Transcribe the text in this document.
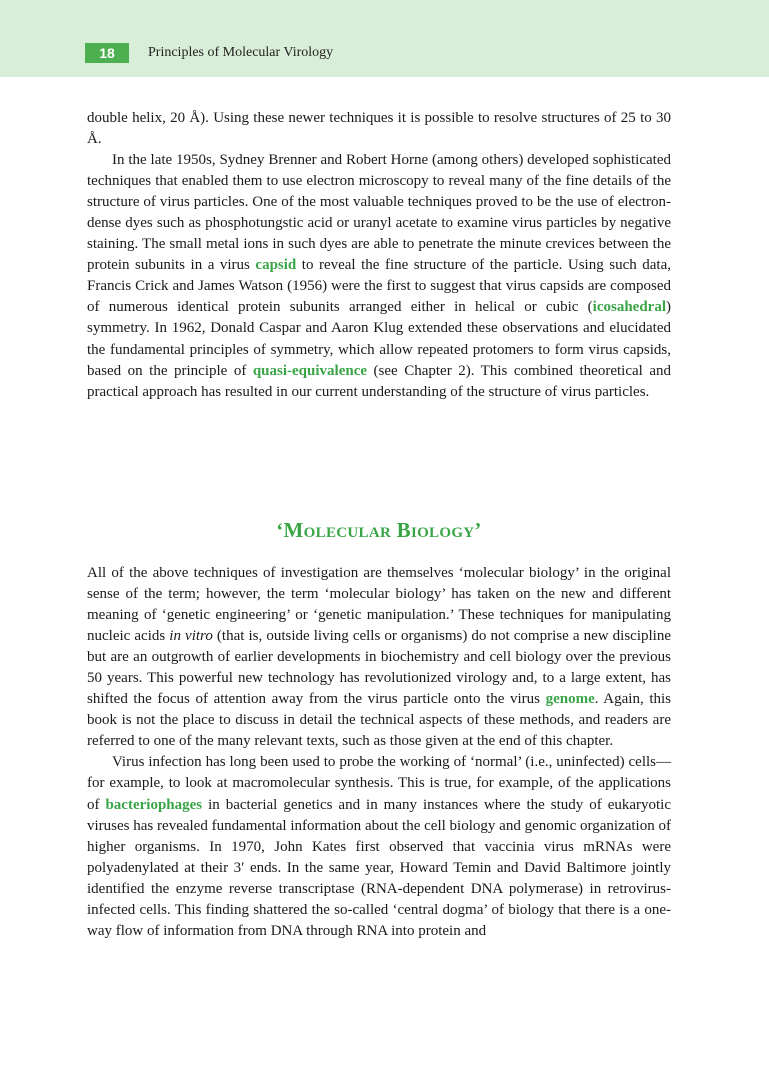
18	Principles of Molecular Virology

double helix, 20 Å). Using these newer techniques it is possible to resolve structures of 25 to 30 Å.

In the late 1950s, Sydney Brenner and Robert Horne (among others) developed sophisticated techniques that enabled them to use electron microscopy to reveal many of the fine details of the structure of virus particles. One of the most valuable techniques proved to be the use of electron-dense dyes such as phosphotungstic acid or uranyl acetate to examine virus particles by negative staining. The small metal ions in such dyes are able to penetrate the minute crevices between the protein subunits in a virus capsid to reveal the fine structure of the particle. Using such data, Francis Crick and James Watson (1956) were the first to suggest that virus capsids are composed of numerous identical protein subunits arranged either in helical or cubic (icosahedral) symmetry. In 1962, Donald Caspar and Aaron Klug extended these observations and elucidated the fundamental principles of symmetry, which allow repeated protomers to form virus capsids, based on the principle of quasi-equivalence (see Chapter 2). This combined theoretical and practical approach has resulted in our current understanding of the structure of virus particles.

‘Molecular Biology’

All of the above techniques of investigation are themselves ‘molecular biology’ in the original sense of the term; however, the term ‘molecular biology’ has taken on the new and different meaning of ‘genetic engineering’ or ‘genetic manipulation.’ These techniques for manipulating nucleic acids in vitro (that is, outside living cells or organisms) do not comprise a new discipline but are an outgrowth of earlier developments in biochemistry and cell biology over the previous 50 years. This powerful new technology has revolutionized virology and, to a large extent, has shifted the focus of attention away from the virus particle onto the virus genome. Again, this book is not the place to discuss in detail the technical aspects of these methods, and readers are referred to one of the many relevant texts, such as those given at the end of this chapter.

Virus infection has long been used to probe the working of ‘normal’ (i.e., uninfected) cells—for example, to look at macromolecular synthesis. This is true, for example, of the applications of bacteriophages in bacterial genetics and in many instances where the study of eukaryotic viruses has revealed fundamental information about the cell biology and genomic organization of higher organisms. In 1970, John Kates first observed that vaccinia virus mRNAs were polyadenylated at their 3′ ends. In the same year, Howard Temin and David Baltimore jointly identified the enzyme reverse transcriptase (RNA-dependent DNA polymerase) in retrovirus-infected cells. This finding shattered the so-called ‘central dogma’ of biology that there is a one-way flow of information from DNA through RNA into protein and
